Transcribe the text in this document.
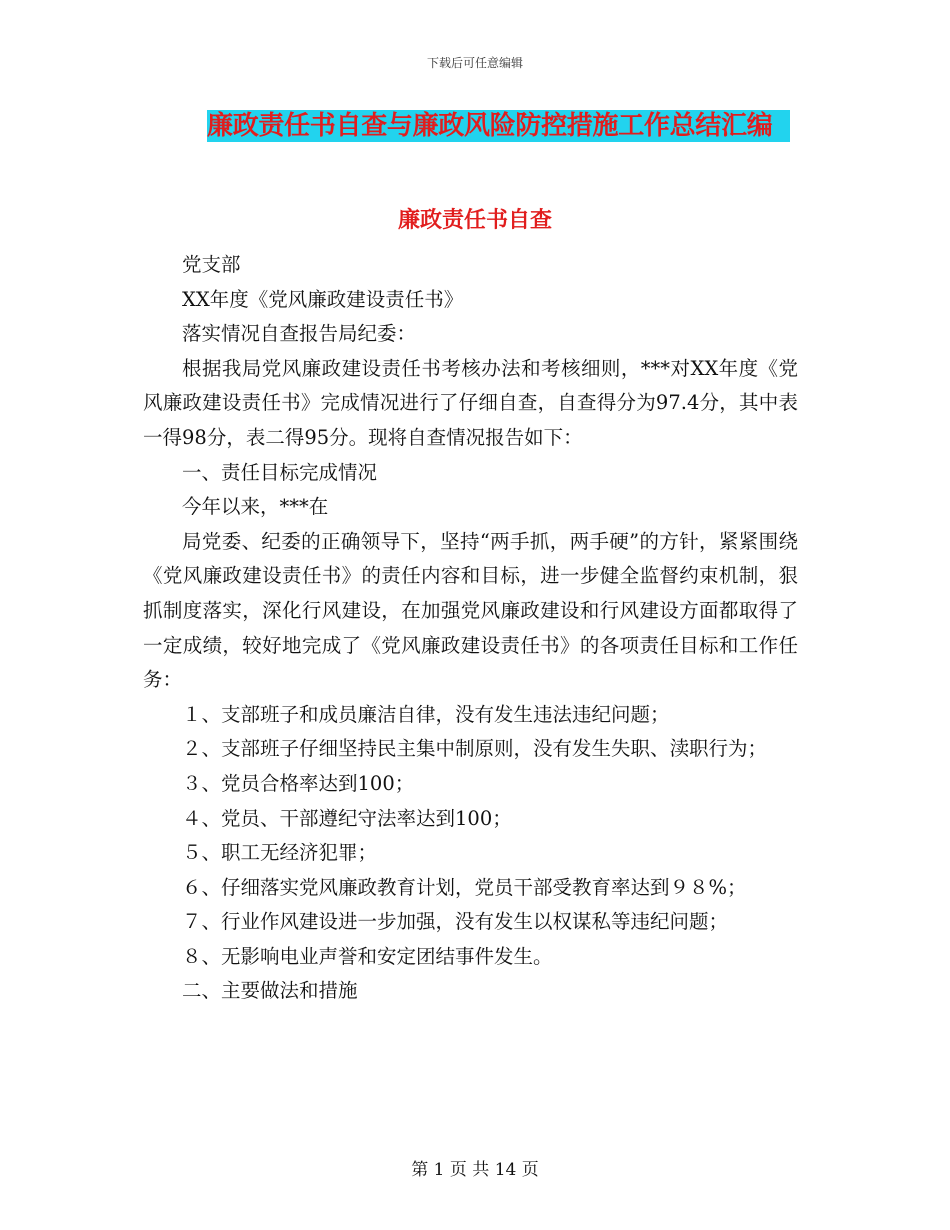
下载后可任意编辑
廉政责任书自查与廉政风险防控措施工作总结汇编
廉政责任书自查

党支部

XX年度《党风廉政建设责任书》

落实情况自查报告局纪委：

根据我局党风廉政建设责任书考核办法和考核细则，***对XX年度《党风廉政建设责任书》完成情况进行了仔细自查，自查得分为97.4分，其中表一得98分，表二得95分。现将自查情况报告如下：

一、责任目标完成情况

今年以来，***在

局党委、纪委的正确领导下，坚持“两手抓，两手硬”的方针，紧紧围绕《党风廉政建设责任书》的责任内容和目标，进一步健全监督约束机制，狠抓制度落实，深化行风建设，在加强党风廉政建设和行风建设方面都取得了一定成绩，较好地完成了《党风廉政建设责任书》的各项责任目标和工作任务：

１、支部班子和成员廉洁自律，没有发生违法违纪问题；

２、支部班子仔细坚持民主集中制原则，没有发生失职、渎职行为；

３、党员合格率达到100；

４、党员、干部遵纪守法率达到100；

５、职工无经济犯罪；

６、仔细落实党风廉政教育计划，党员干部受教育率达到９８%；

７、行业作风建设进一步加强，没有发生以权谋私等违纪问题；

８、无影响电业声誉和安定团结事件发生。

二、主要做法和措施

第 1 页 共 14 页
